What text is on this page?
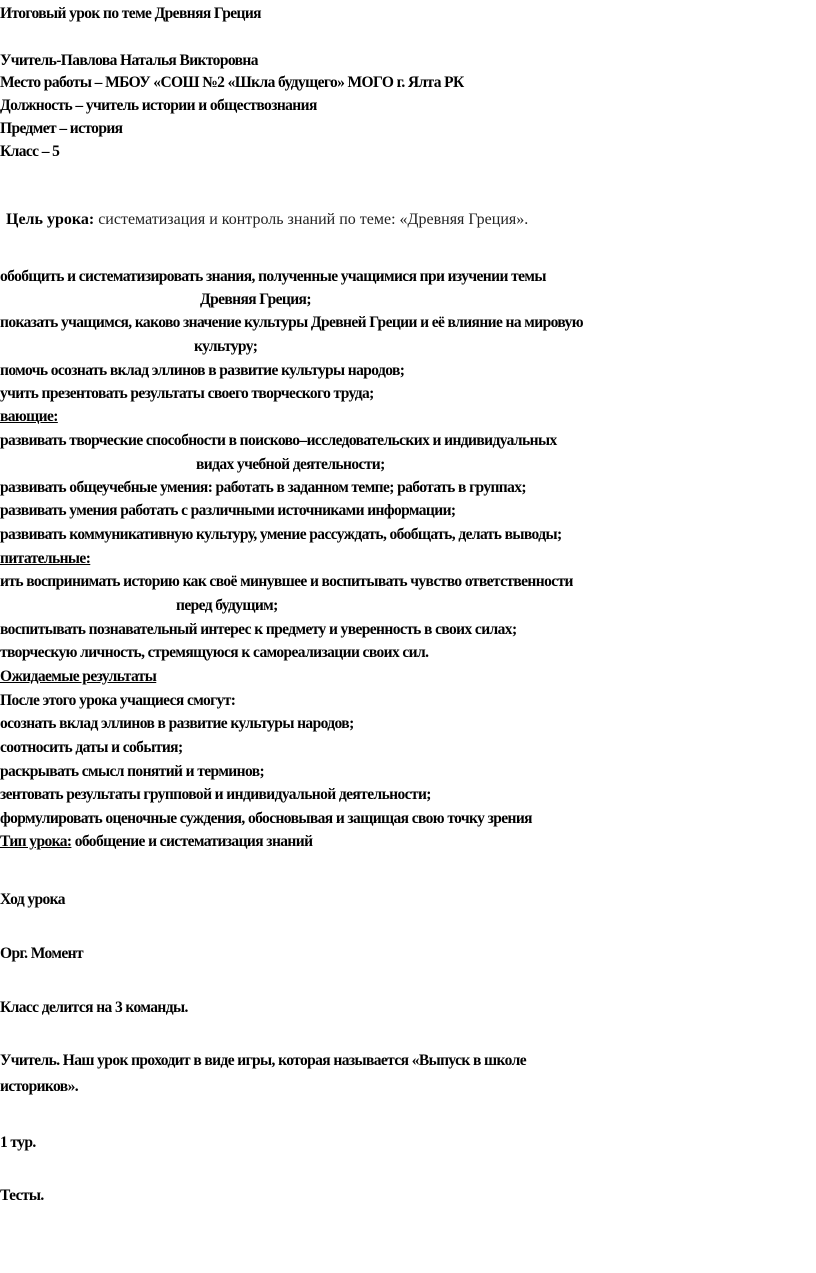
Итоговый урок по теме Древняя Греция
Учитель-Павлова Наталья Викторовна
Место работы – МБОУ «СОШ №2 «Шкла будущего» МОГО г. Ялта РК
Должность – учитель истории и обществознания
Предмет – история
Класс – 5
Цель урока: систематизация и контроль знаний по теме: «Древняя Греция».
обобщить и систематизировать знания, полученные учащимися при изучении темы
Древняя Греция;
показать учащимся, каково значение культуры Древней Греции и её влияние на мировую
культуру;
помочь осознать вклад эллинов в развитие культуры народов;
учить презентовать результаты своего творческого труда;
вающие:
развивать творческие способности в поисково–исследовательских и индивидуальных
видах учебной деятельности;
развивать общеучебные умения: работать в заданном темпе; работать в группах;
развивать умения работать с различными источниками информации;
развивать коммуникативную культуру, умение рассуждать, обобщать, делать выводы;
питательные:
ить воспринимать историю как своё минувшее и воспитывать чувство ответственности
перед будущим;
воспитывать познавательный интерес к предмету и уверенность в своих силах;
творческую личность, стремящуюся к самореализации своих сил.
Ожидаемые результаты
После этого урока учащиеся смогут:
осознать вклад эллинов в развитие культуры народов;
соотносить даты и события;
раскрывать смысл понятий и терминов;
зентовать результаты групповой и индивидуальной деятельности;
формулировать оценочные суждения, обосновывая и защищая свою точку зрения
Тип урока: обобщение и систематизация знаний
Ход урока
Орг. Момент
Класс делится на 3 команды.
Учитель. Наш урок проходит в виде игры, которая называется «Выпуск в школе
историков».
1 тур.
Тесты.
